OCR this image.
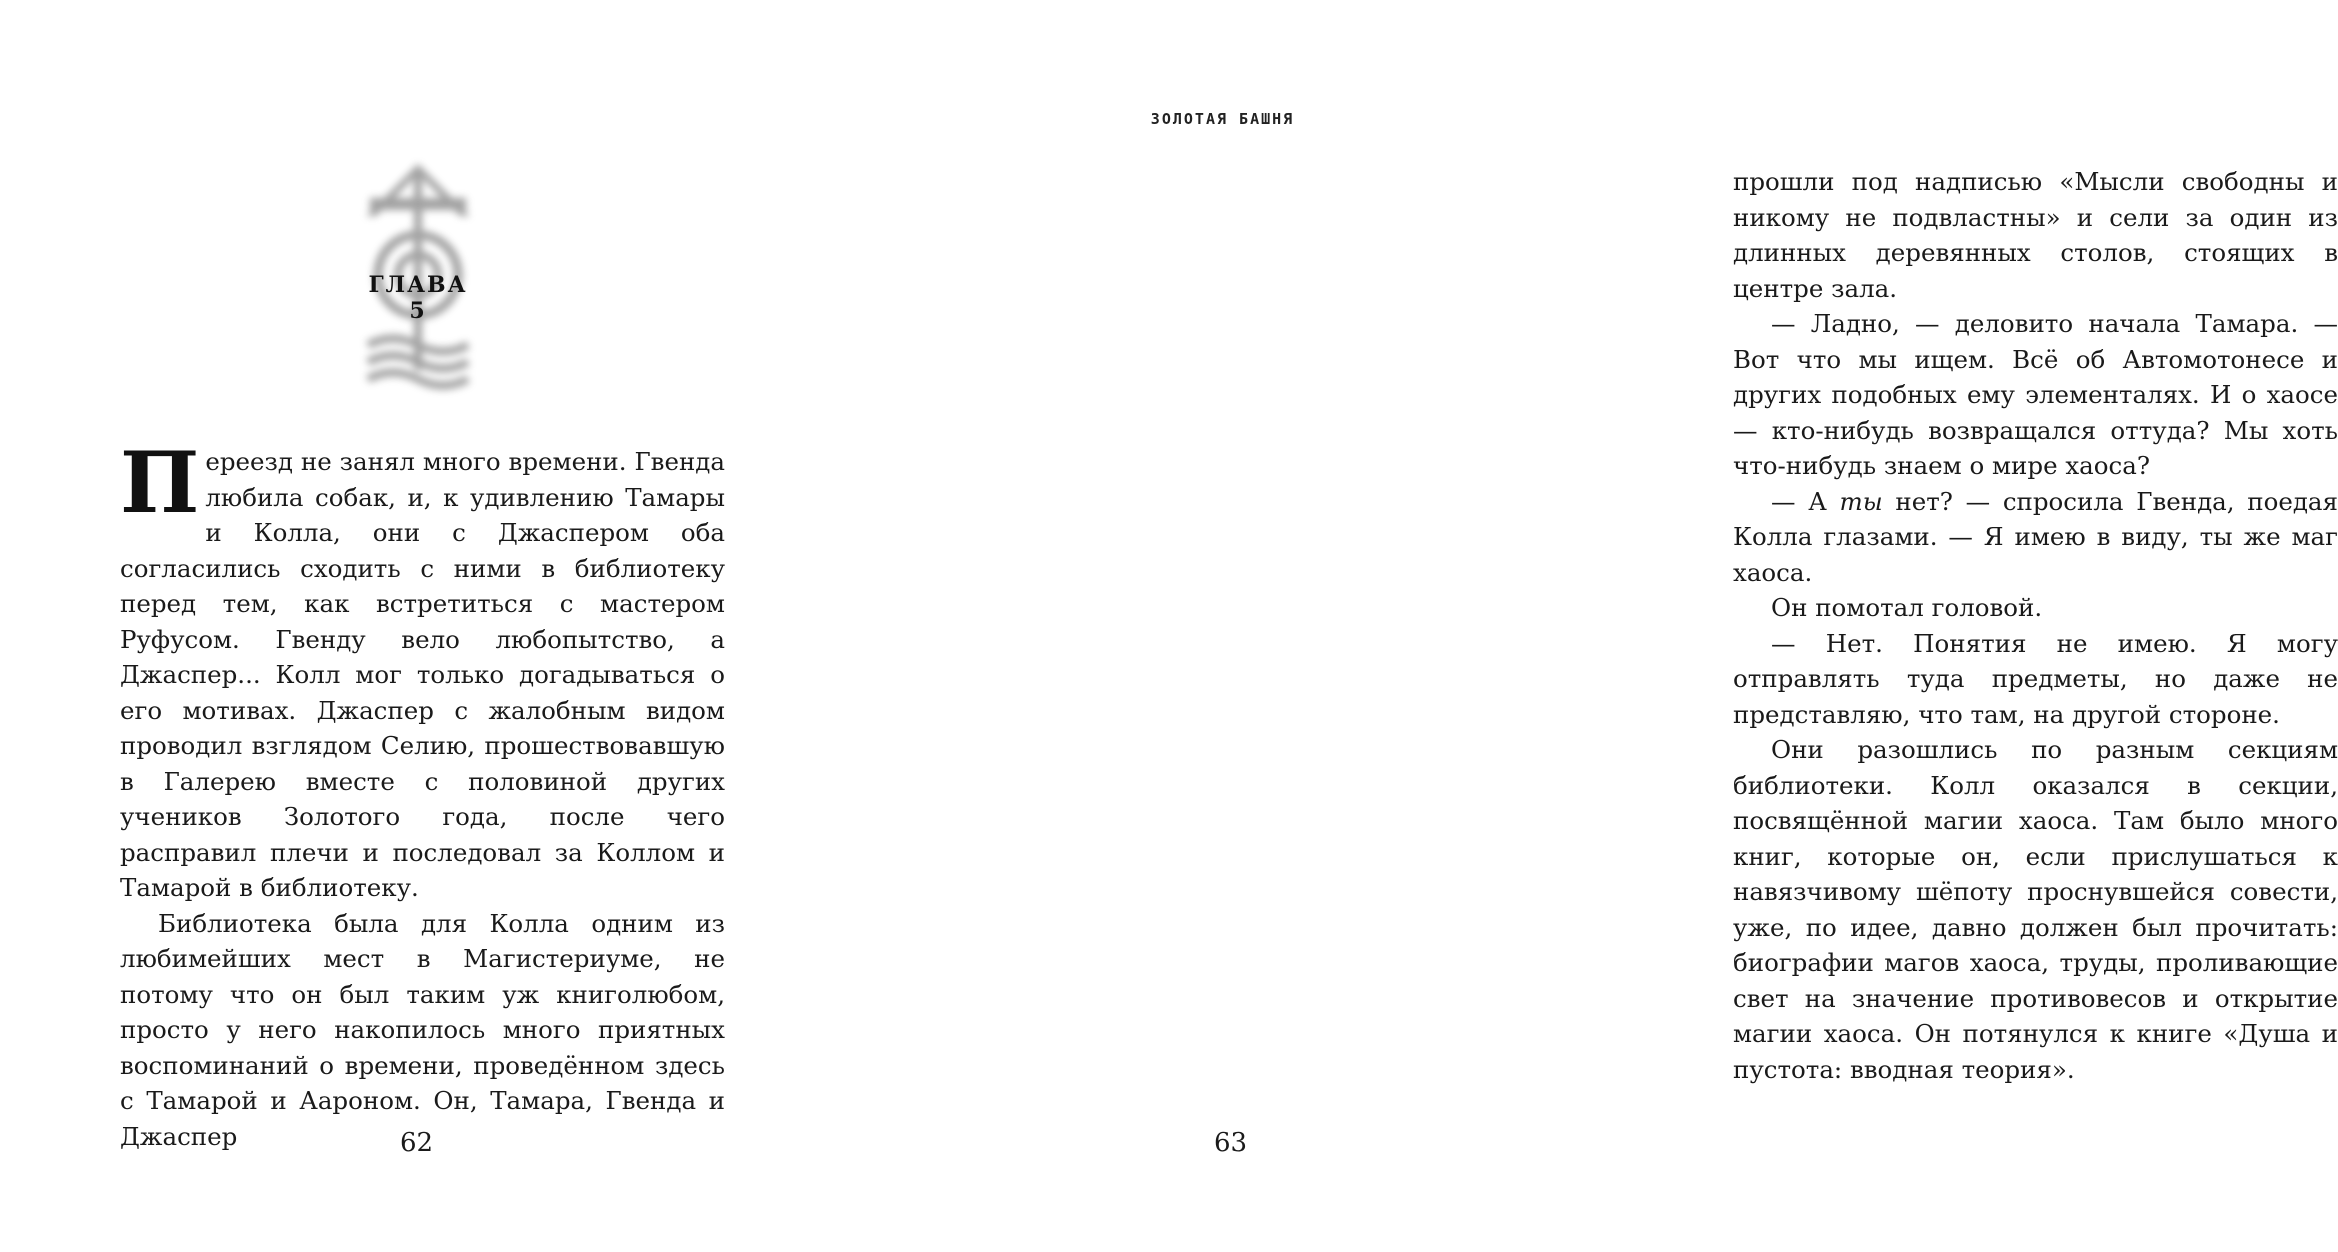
ГЛАВА 5

Переезд не занял много времени. Гвенда любила собак, и, к удивлению Тамары и Колла, они с Джаспером оба согласились сходить с ними в библиотеку перед тем, как встретиться с мастером Руфусом. Гвенду вело любопытство, а Джаспер... Колл мог только догадываться о его мотивах. Джаспер с жалобным видом проводил взглядом Селию, прошествовавшую в Галерею вместе с половиной других учеников Золотого года, после чего расправил плечи и последовал за Коллом и Тамарой в библиотеку.

Библиотека была для Колла одним из любимейших мест в Магистериуме, не потому что он был таким уж книголюбом, просто у него накопилось много приятных воспоминаний о времени, проведённом здесь с Тамарой и Аароном. Он, Тамара, Гвенда и Джаспер	62
ЗОЛОТАЯ БАШНЯ

прошли под надписью «Мысли свободны и никому не подвластны» и сели за один из длинных деревянных столов, стоящих в центре зала.

— Ладно, — деловито начала Тамара. — Вот что мы ищем. Всё об Автомотонесе и других подобных ему элементалях. И о хаосе — кто-нибудь возвращался оттуда? Мы хоть что-нибудь знаем о мире хаоса?

— А ты нет? — спросила Гвенда, поедая Колла глазами. — Я имею в виду, ты же маг хаоса.

Он помотал головой.

— Нет. Понятия не имею. Я могу отправлять туда предметы, но даже не представляю, что там, на другой стороне.

Они разошлись по разным секциям библиотеки. Колл оказался в секции, посвящённой магии хаоса. Там было много книг, которые он, если прислушаться к навязчивому шёпоту проснувшейся совести, уже, по идее, давно должен был прочитать: биографии магов хаоса, труды, проливающие свет на значение противовесов и открытие магии хаоса. Он потянулся к книге «Душа и пустота: вводная теория».

63
